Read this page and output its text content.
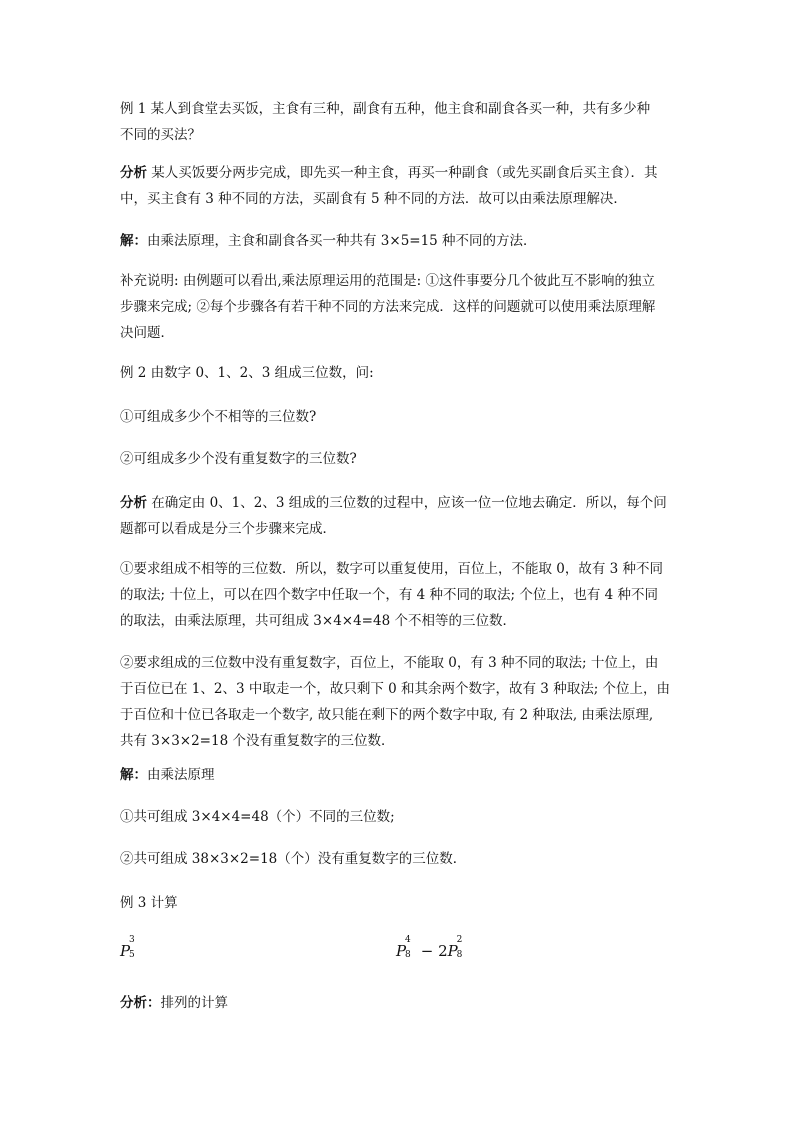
例 1 某人到食堂去买饭，主食有三种，副食有五种，他主食和副食各买一种，共有多少种
不同的买法？

分析 某人买饭要分两步完成，即先买一种主食，再买一种副食（或先买副食后买主食）．其
中，买主食有 3 种不同的方法，买副食有 5 种不同的方法．故可以由乘法原理解决．

解：由乘法原理，主食和副食各买一种共有 3×5=15 种不同的方法．

补充说明: 由例题可以看出,乘法原理运用的范围是: ①这件事要分几个彼此互不影响的独立
步骤来完成; ②每个步骤各有若干种不同的方法来完成．这样的问题就可以使用乘法原理解
决问题．

例 2 由数字 0、1、2、3 组成三位数，问:

①可组成多少个不相等的三位数?

②可组成多少个没有重复数字的三位数?

分析 在确定由 0、1、2、3 组成的三位数的过程中，应该一位一位地去确定．所以，每个问
题都可以看成是分三个步骤来完成．

①要求组成不相等的三位数．所以，数字可以重复使用，百位上，不能取 0，故有 3 种不同
的取法; 十位上，可以在四个数字中任取一个，有 4 种不同的取法; 个位上，也有 4 种不同
的取法，由乘法原理，共可组成 3×4×4=48 个不相等的三位数．

②要求组成的三位数中没有重复数字，百位上，不能取 0，有 3 种不同的取法; 十位上，由
于百位已在 1、2、3 中取走一个，故只剩下 0 和其余两个数字，故有 3 种取法; 个位上，由
于百位和十位已各取走一个数字, 故只能在剩下的两个数字中取, 有 2 种取法, 由乘法原理,
共有 3×3×2=18 个没有重复数字的三位数．

解：由乘法原理

①共可组成 3×4×4=48（个）不同的三位数;

②共可组成 38×3×2=18（个）没有重复数字的三位数．

例 3 计算

P
3
5	P
4
8 − 2P
2
8

分析：排列的计算
